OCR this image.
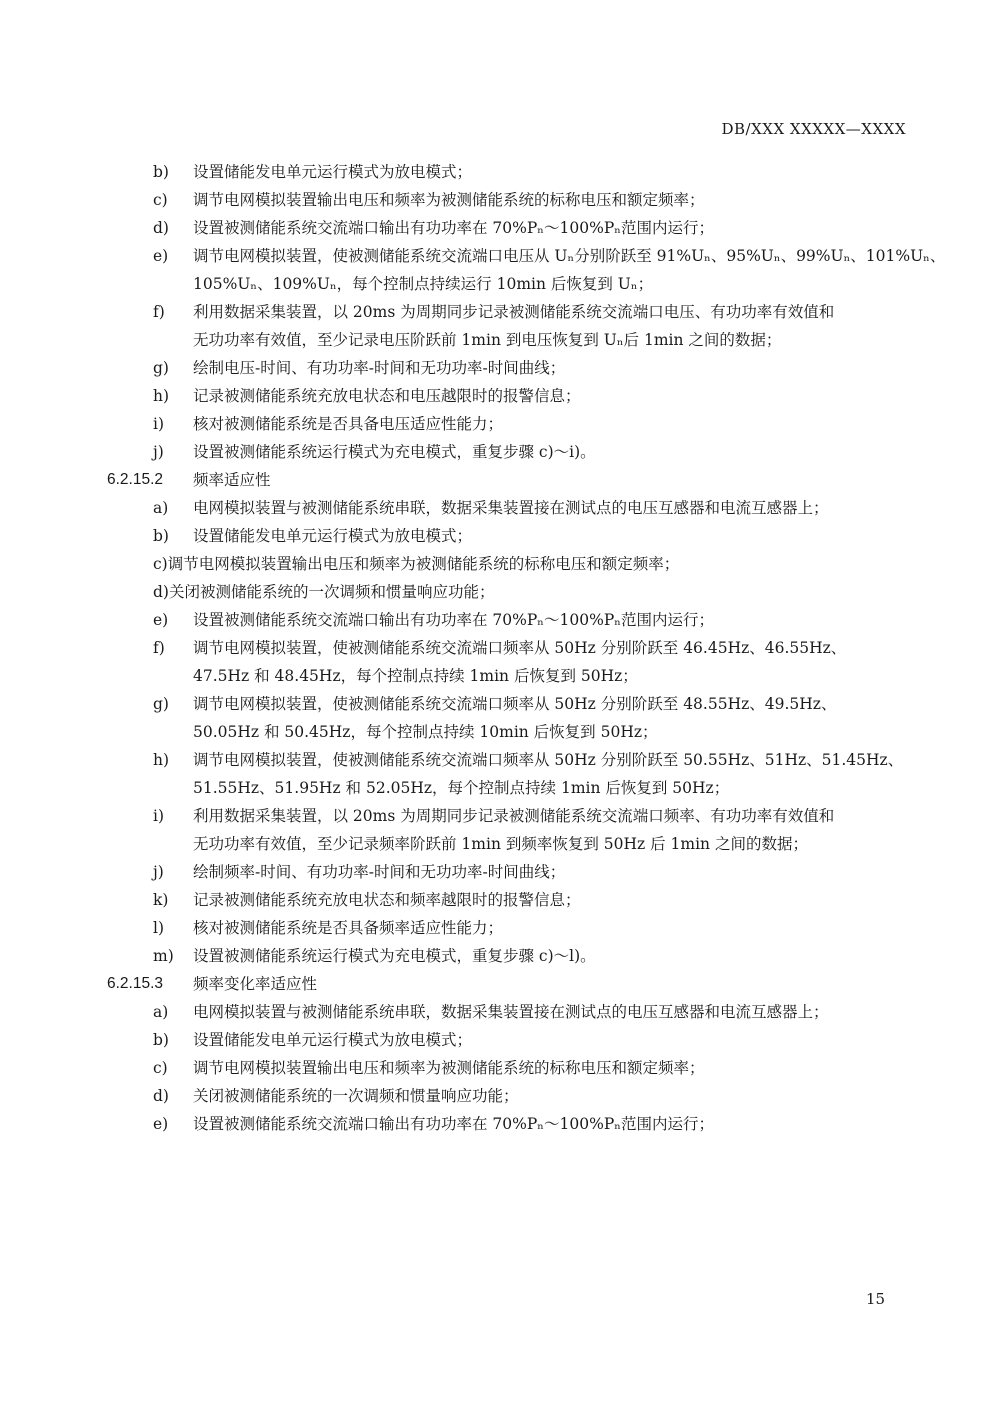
DB/XXX XXXXX—XXXX
b) 设置储能发电单元运行模式为放电模式；
c) 调节电网模拟装置输出电压和频率为被测储能系统的标称电压和额定频率；
d) 设置被测储能系统交流端口输出有功功率在 70%Pₙ～100%Pₙ范围内运行；
e) 调节电网模拟装置，使被测储能系统交流端口电压从 Uₙ分别阶跃至 91%Uₙ、95%Uₙ、99%Uₙ、101%Uₙ、
105%Uₙ、109%Uₙ，每个控制点持续运行 10min 后恢复到 Uₙ；
f) 利用数据采集装置，以 20ms 为周期同步记录被测储能系统交流端口电压、有功功率有效值和
无功功率有效值，至少记录电压阶跃前 1min 到电压恢复到 Uₙ后 1min 之间的数据；
g) 绘制电压-时间、有功功率-时间和无功功率-时间曲线；
h) 记录被测储能系统充放电状态和电压越限时的报警信息；
i) 核对被测储能系统是否具备电压适应性能力；
j) 设置被测储能系统运行模式为充电模式，重复步骤 c)～i)。
6.2.15.2 频率适应性
a) 电网模拟装置与被测储能系统串联，数据采集装置接在测试点的电压互感器和电流互感器上；
b) 设置储能发电单元运行模式为放电模式；
c)调节电网模拟装置输出电压和频率为被测储能系统的标称电压和额定频率；
d)关闭被测储能系统的一次调频和惯量响应功能；
e) 设置被测储能系统交流端口输出有功功率在 70%Pₙ～100%Pₙ范围内运行；
f) 调节电网模拟装置，使被测储能系统交流端口频率从 50Hz 分别阶跃至 46.45Hz、46.55Hz、
47.5Hz 和 48.45Hz，每个控制点持续 1min 后恢复到 50Hz；
g) 调节电网模拟装置，使被测储能系统交流端口频率从 50Hz 分别阶跃至 48.55Hz、49.5Hz、
50.05Hz 和 50.45Hz，每个控制点持续 10min 后恢复到 50Hz；
h) 调节电网模拟装置，使被测储能系统交流端口频率从 50Hz 分别阶跃至 50.55Hz、51Hz、51.45Hz、
51.55Hz、51.95Hz 和 52.05Hz，每个控制点持续 1min 后恢复到 50Hz；
i) 利用数据采集装置，以 20ms 为周期同步记录被测储能系统交流端口频率、有功功率有效值和
无功功率有效值，至少记录频率阶跃前 1min 到频率恢复到 50Hz 后 1min 之间的数据；
j) 绘制频率-时间、有功功率-时间和无功功率-时间曲线；
k) 记录被测储能系统充放电状态和频率越限时的报警信息；
l) 核对被测储能系统是否具备频率适应性能力；
m) 设置被测储能系统运行模式为充电模式，重复步骤 c)～l)。
6.2.15.3 频率变化率适应性
a) 电网模拟装置与被测储能系统串联，数据采集装置接在测试点的电压互感器和电流互感器上；
b) 设置储能发电单元运行模式为放电模式；
c) 调节电网模拟装置输出电压和频率为被测储能系统的标称电压和额定频率；
d) 关闭被测储能系统的一次调频和惯量响应功能；
e) 设置被测储能系统交流端口输出有功功率在 70%Pₙ～100%Pₙ范围内运行；
15
